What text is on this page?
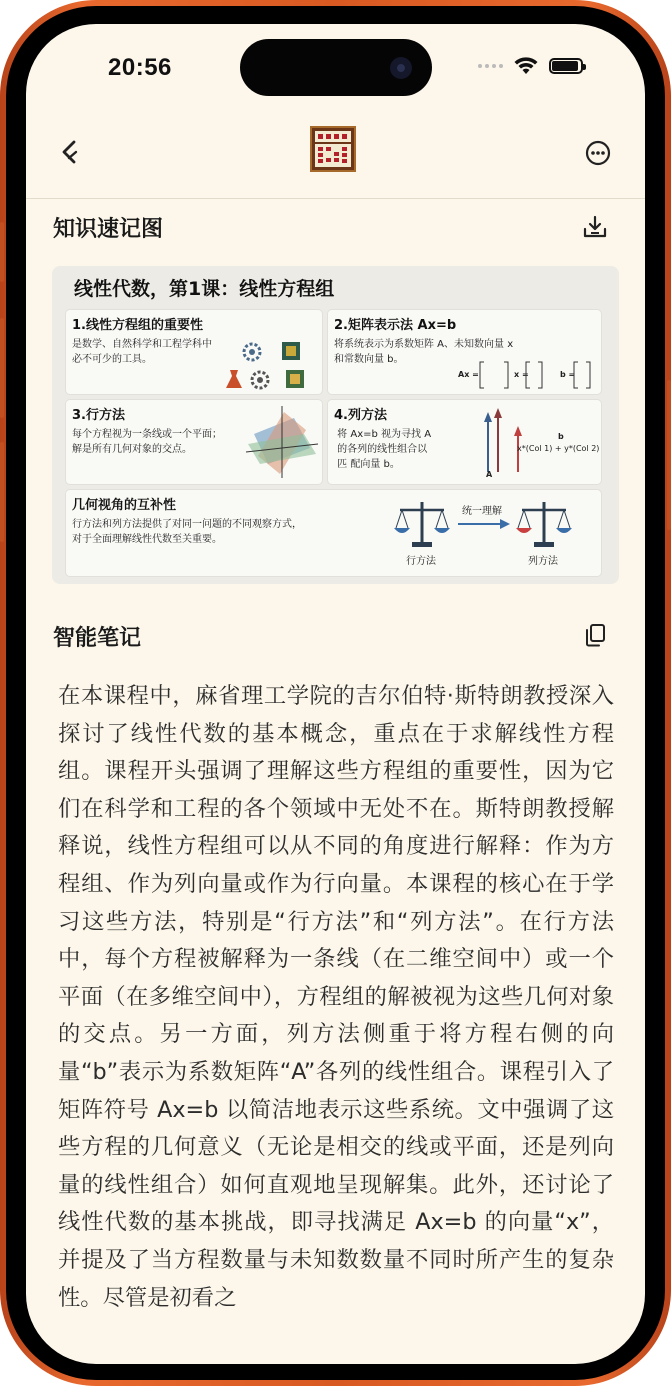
20:56
知识速记图
线性代数，第1课：线性方程组
1.线性方程组的重要性
是数学、自然科学和工程学科中
必不可少的工具。
2.矩阵表示法 Ax=b
将系统表示为系数矩阵 A、未知数向量 x
和常数向量 b。
Ax =	x =	b =
3.行方法
每个方程视为一条线或一个平面；
解是所有几何对象的交点。
4.列方法
将 Ax=b 视为寻找 A
的各列的线性组合以
匹 配向量 b。
A
b
x*(Col 1) + y*(Col 2)
几何视角的互补性
行方法和列方法提供了对同一问题的不同观察方式，
对于全面理解线性代数至关重要。
统一理解
行方法	列方法
智能笔记
在本课程中，麻省理工学院的吉尔伯特·斯特朗教授深入探讨了线性代数的基本概念，重点在于求解线性方程组。课程开头强调了理解这些方程组的重要性，因为它们在科学和工程的各个领域中无处不在。斯特朗教授解释说，线性方程组可以从不同的角度进行解释：作为方程组、作为列向量或作为行向量。本课程的核心在于学习这些方法，特别是“行方法”和“列方法”。在行方法中，每个方程被解释为一条线（在二维空间中）或一个平面（在多维空间中），方程组的解被视为这些几何对象的交点。另一方面，列方法侧重于将方程右侧的向量“b”表示为系数矩阵“A”各列的线性组合。课程引入了矩阵符号 Ax=b 以简洁地表示这些系统。文中强调了这些方程的几何意义（无论是相交的线或平面，还是列向量的线性组合）如何直观地呈现解集。此外，还讨论了线性代数的基本挑战，即寻找满足 Ax=b 的向量“x”，并提及了当方程数量与未知数数量不同时所产生的复杂性。尽管是初看之
